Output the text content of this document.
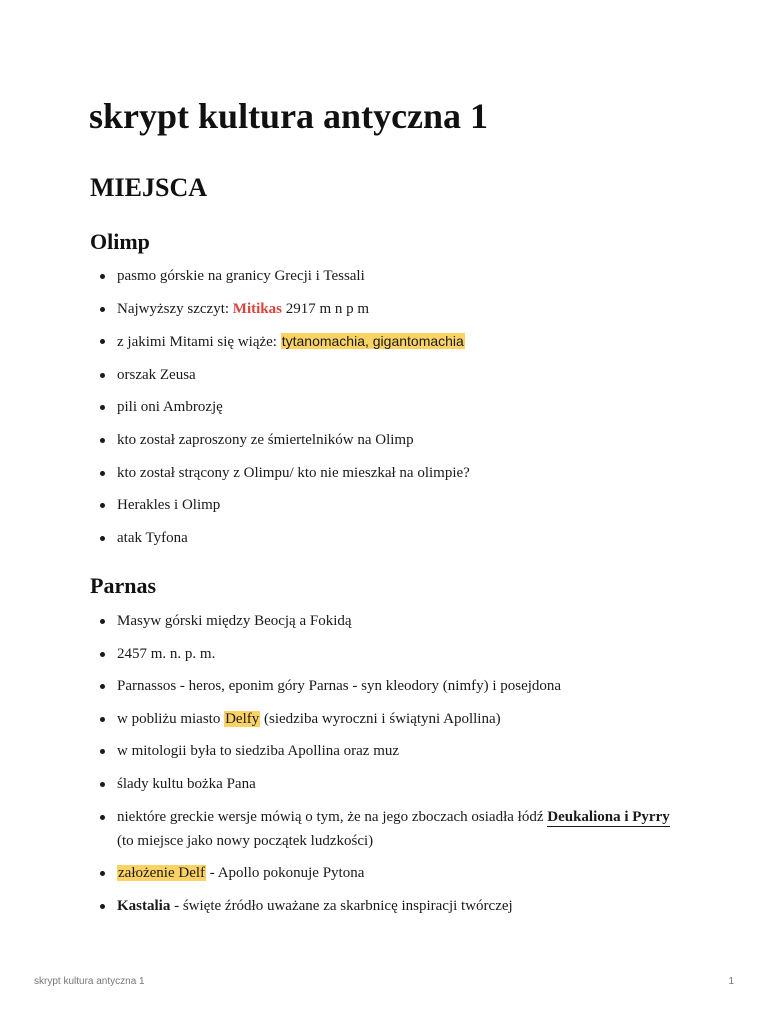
skrypt kultura antyczna 1
MIEJSCA
Olimp
pasmo górskie na granicy Grecji i Tessali
Najwyższy szczyt: Mitikas 2917 m n p m
z jakimi Mitami się wiąże: tytanomachia, gigantomachia
orszak Zeusa
pili oni Ambrozję
kto został zaproszony ze śmiertelników na Olimp
kto został strącony z Olimpu/ kto nie mieszkał na olimpie?
Herakles i Olimp
atak Tyfona
Parnas
Masyw górski między Beocją a Fokidą
2457 m. n. p. m.
Parnassos - heros, eponim góry Parnas - syn kleodory (nimfy) i posejdona
w pobliżu miasto Delfy (siedziba wyroczni i świątyni Apollina)
w mitologii była to siedziba Apollina oraz muz
ślady kultu bożka Pana
niektóre greckie wersje mówią o tym, że na jego zboczach osiadła łódź Deukaliona i Pyrry (to miejsce jako nowy początek ludzkości)
założenie Delf - Apollo pokonuje Pytona
Kastalia - święte źródło uważane za skarbnicę inspiracji twórczej
skrypt kultura antyczna 1	1
